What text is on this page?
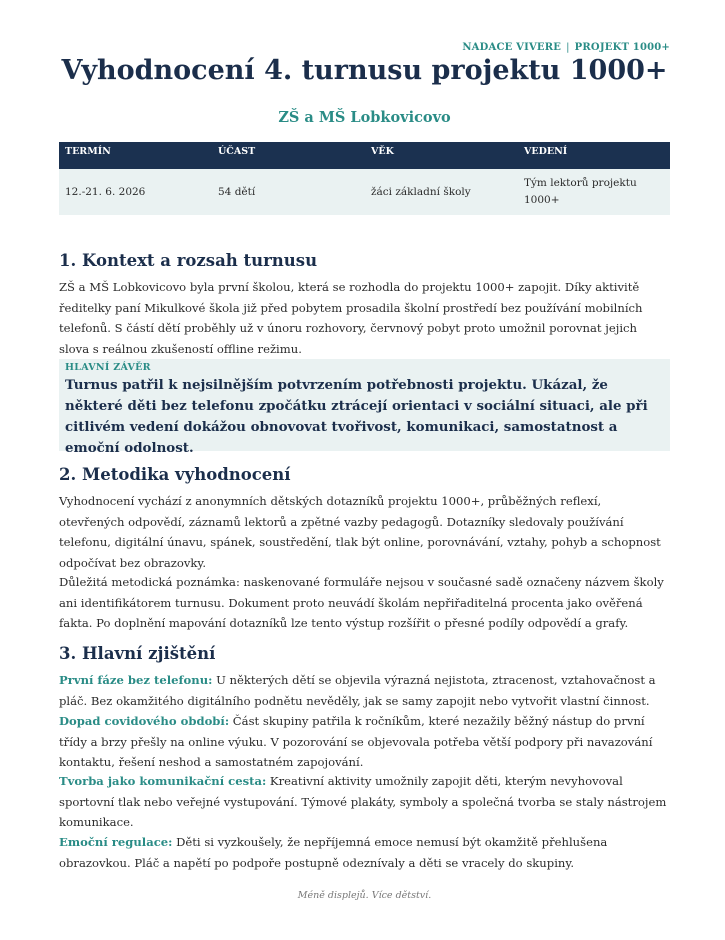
NADACE VIVERE | PROJEKT 1000+
Vyhodnocení 4. turnusu projektu 1000+
ZŠ a MŠ Lobkovicovo
TERMÍN	ÚČAST	VĚK	VEDENÍ
12.-21. 6. 2026	54 dětí	žáci základní školy	Tým lektorů projektu 1000+
1. Kontext a rozsah turnusu

ZŠ a MŠ Lobkovicovo byla první školou, která se rozhodla do projektu 1000+ zapojit. Díky aktivitě ředitelky paní Mikulkové škola již před pobytem prosadila školní prostředí bez používání mobilních telefonů. S částí dětí proběhly už v únoru rozhovory, červnový pobyt proto umožnil porovnat jejich slova s reálnou zkušeností offline režimu.

HLAVNÍ ZÁVĚR
Turnus patřil k nejsilnějším potvrzením potřebnosti projektu. Ukázal, že některé děti bez telefonu zpočátku ztrácejí orientaci v sociální situaci, ale při citlivém vedení dokážou obnovovat tvořivost, komunikaci, samostatnost a emoční odolnost.
2. Metodika vyhodnocení

Vyhodnocení vychází z anonymních dětských dotazníků projektu 1000+, průběžných reflexí, otevřených odpovědí, záznamů lektorů a zpětné vazby pedagogů. Dotazníky sledovaly používání telefonu, digitální únavu, spánek, soustředění, tlak být online, porovnávání, vztahy, pohyb a schopnost odpočívat bez obrazovky.

Důležitá metodická poznámka: naskenované formuláře nejsou v současné sadě označeny názvem školy ani identifikátorem turnusu. Dokument proto neuvádí školám nepřiřaditelná procenta jako ověřená fakta. Po doplnění mapování dotazníků lze tento výstup rozšířit o přesné podíly odpovědí a grafy.

3. Hlavní zjištění
První fáze bez telefonu: U některých dětí se objevila výrazná nejistota, ztracenost, vztahovačnost a pláč. Bez okamžitého digitálního podnětu nevěděly, jak se samy zapojit nebo vytvořit vlastní činnost.
Dopad covidového období: Část skupiny patřila k ročníkům, které nezažily běžný nástup do první třídy a brzy přešly na online výuku. V pozorování se objevovala potřeba větší podpory při navazování kontaktu, řešení neshod a samostatném zapojování.
Tvorba jako komunikační cesta: Kreativní aktivity umožnily zapojit děti, kterým nevyhovoval sportovní tlak nebo veřejné vystupování. Týmové plakáty, symboly a společná tvorba se staly nástrojem komunikace.
Emoční regulace: Děti si vyzkoušely, že nepříjemná emoce nemusí být okamžitě přehlušena obrazovkou. Pláč a napětí po podpoře postupně odeznívaly a děti se vracely do skupiny.
Méně displejů. Více dětství.
